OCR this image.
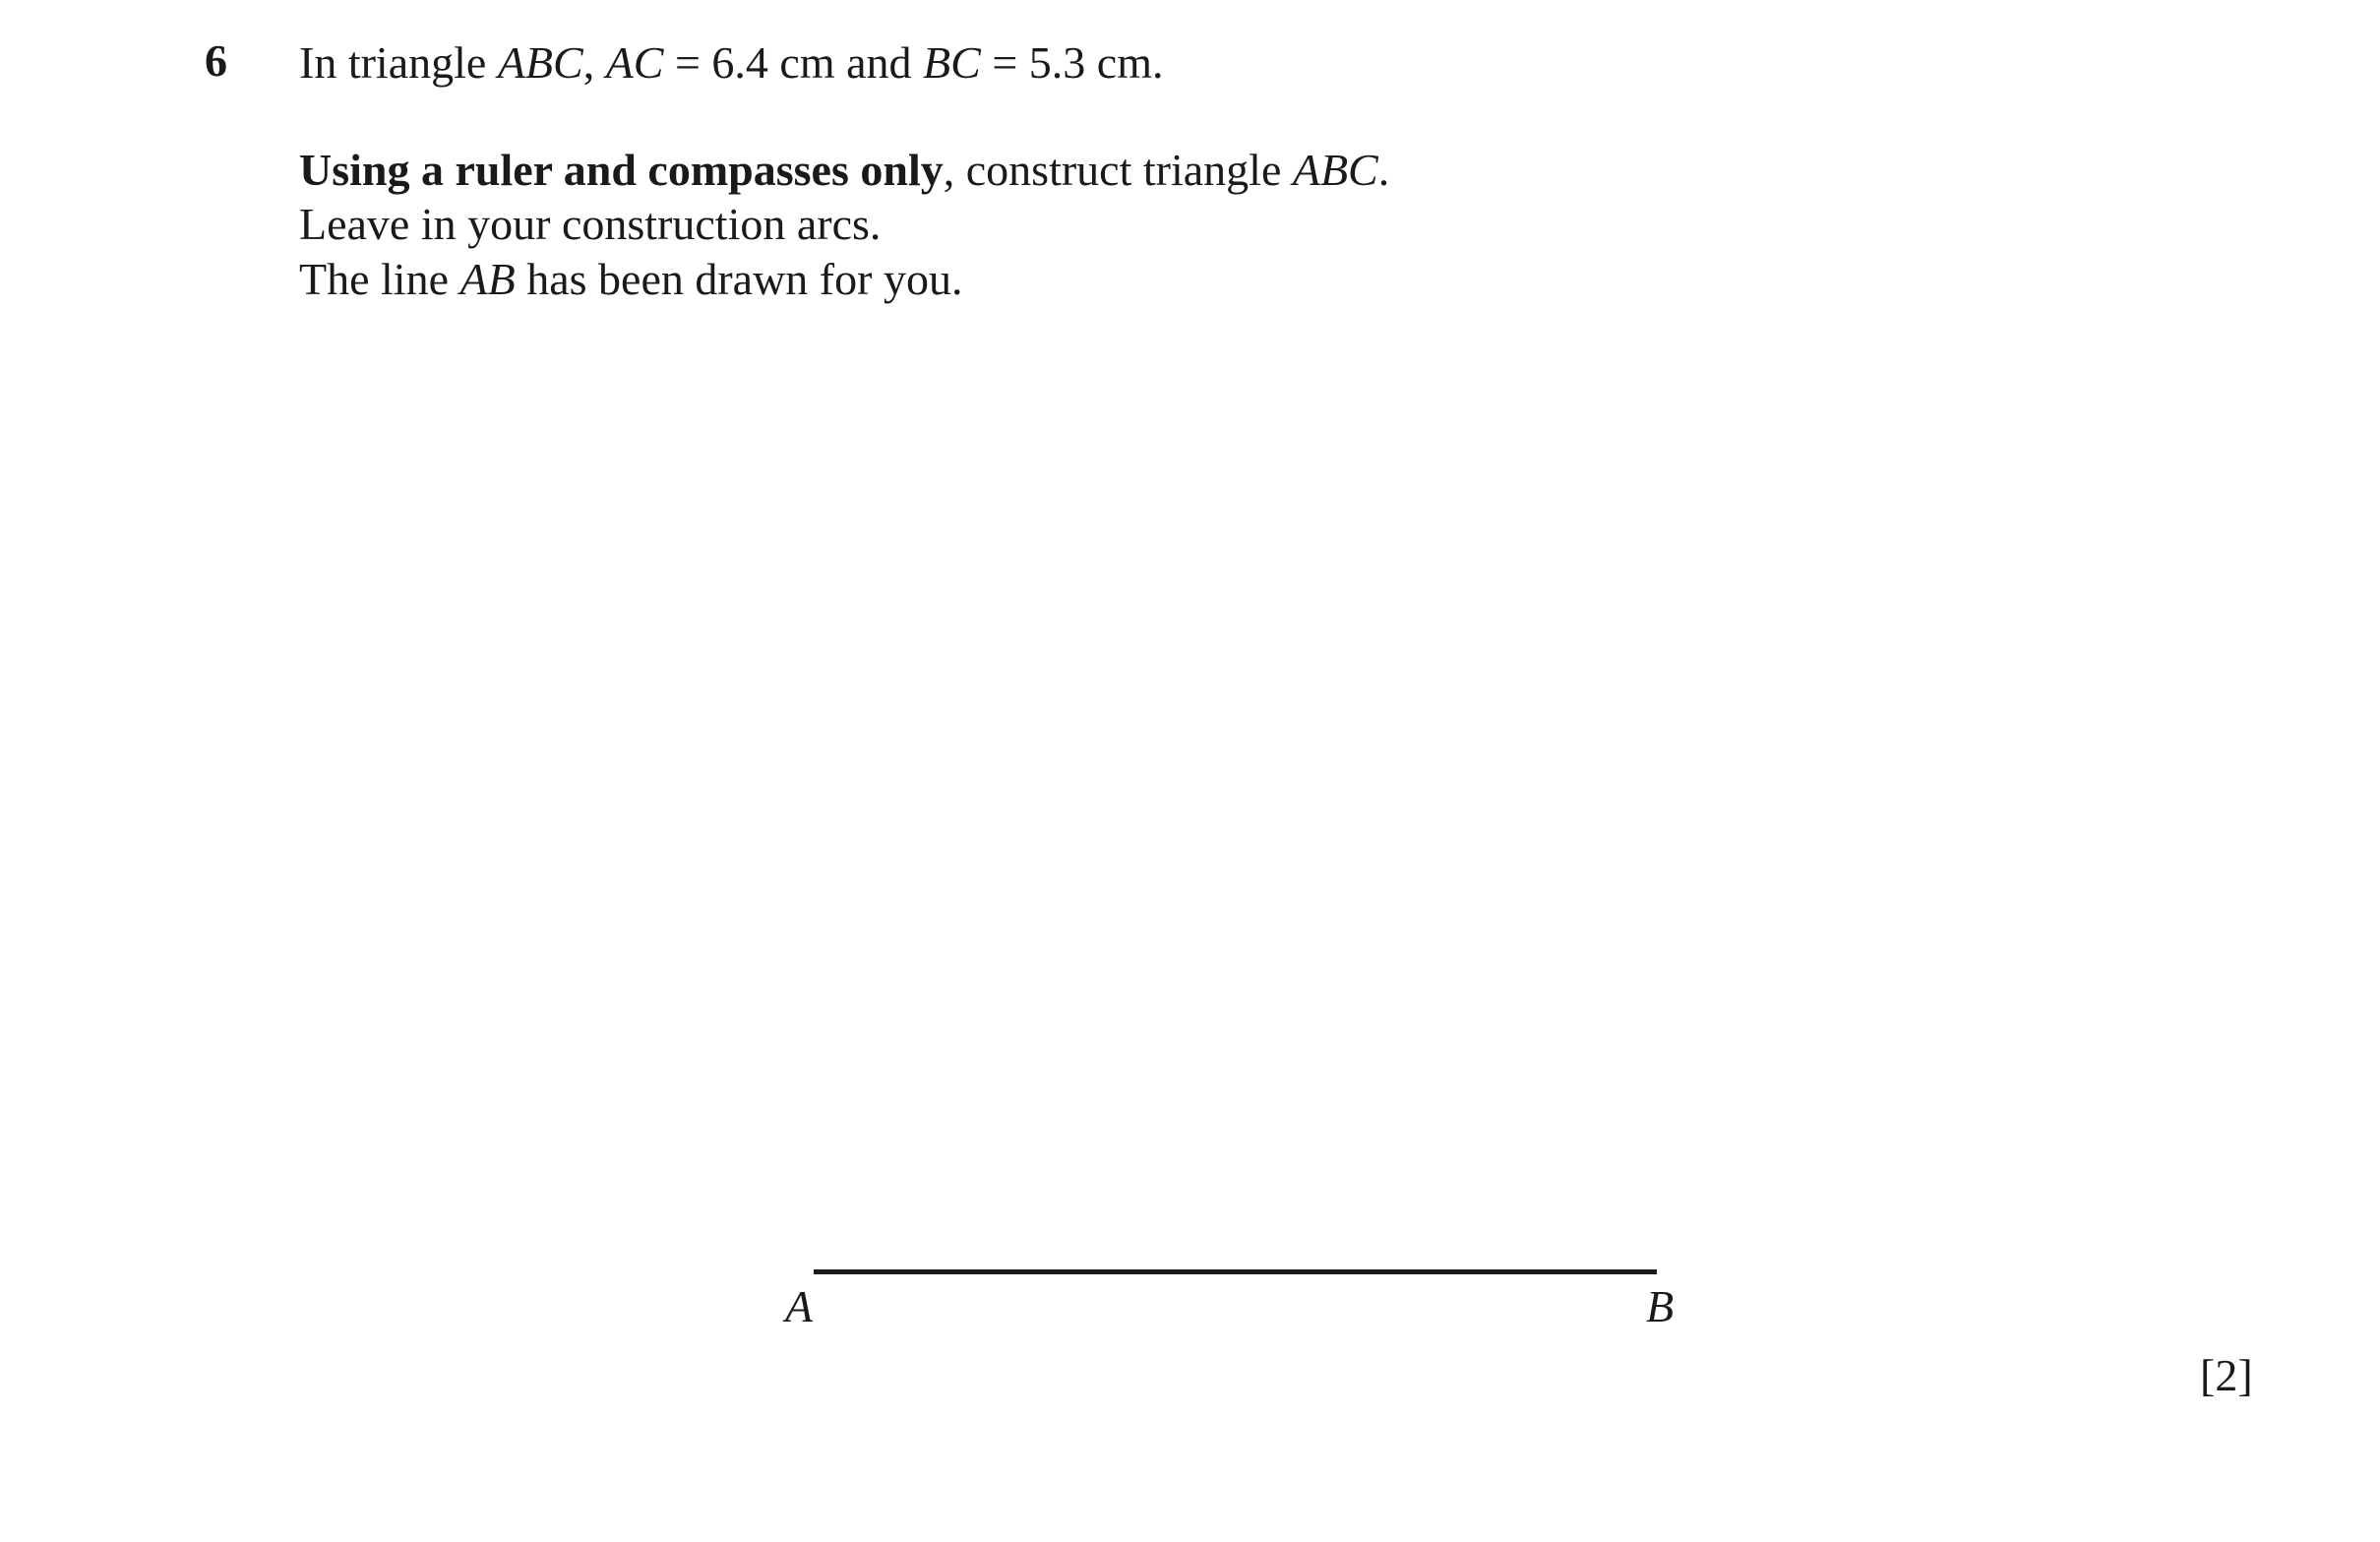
6 In triangle ABC, AC = 6.4 cm and BC = 5.3 cm.
Using a ruler and compasses only, construct triangle ABC.
Leave in your construction arcs.
The line AB has been drawn for you.
A	B
[2]
